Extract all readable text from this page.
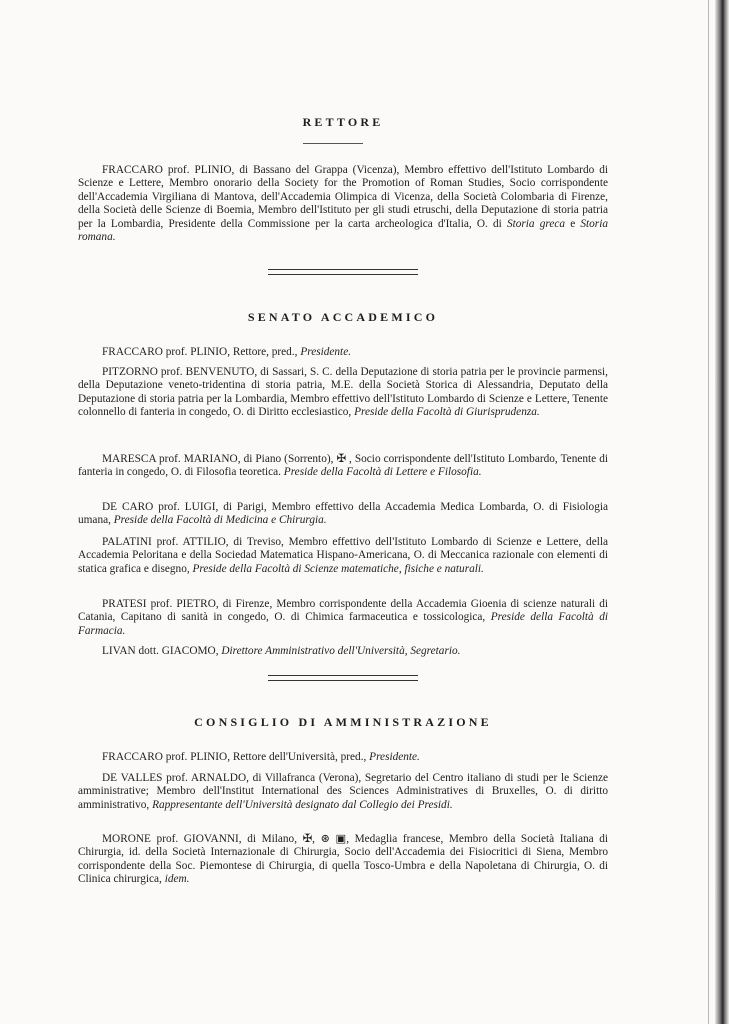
RETTORE

FRACCARO prof. PLINIO, di Bassano del Grappa (Vicenza), Membro effettivo dell'Istituto Lombardo di Scienze e Lettere, Membro onorario della Society for the Promotion of Roman Studies, Socio corrispondente dell'Accademia Virgiliana di Mantova, dell'Accademia Olimpica di Vicenza, della Società Colombaria di Firenze, della Società delle Scienze di Boemia, Membro dell'Istituto per gli studi etruschi, della Deputazione di storia patria per la Lombardia, Presidente della Commissione per la carta archeologica d'Italia, O. di Storia greca e Storia romana.

SENATO ACCADEMICO

FRACCARO prof. PLINIO, Rettore, pred., Presidente.

PITZORNO prof. BENVENUTO, di Sassari, S. C. della Deputazione di storia patria per le provincie parmensi, della Deputazione veneto-tridentina di storia patria, M.E. della Società Storica di Alessandria, Deputato della Deputazione di storia patria per la Lombardia, Membro effettivo dell'Istituto Lombardo di Scienze e Lettere, Tenente colonnello di fanteria in congedo, O. di Diritto ecclesiastico, Preside della Facoltà di Giurisprudenza.

MARESCA prof. MARIANO, di Piano (Sorrento), ✠ , Socio corrispondente dell'Istituto Lombardo, Tenente di fanteria in congedo, O. di Filosofia teoretica. Preside della Facoltà di Lettere e Filosofia.

DE CARO prof. LUIGI, di Parigi, Membro effettivo della Accademia Medica Lombarda, O. di Fisiologia umana, Preside della Facoltà di Medicina e Chirurgia.

PALATINI prof. ATTILIO, di Treviso, Membro effettivo dell'Istituto Lombardo di Scienze e Lettere, della Accademia Peloritana e della Sociedad Matematica Hispano-Americana, O. di Meccanica razionale con elementi di statica grafica e disegno, Preside della Facoltà di Scienze matematiche, fisiche e naturali.

PRATESI prof. PIETRO, di Firenze, Membro corrispondente della Accademia Gioenia di scienze naturali di Catania, Capitano di sanità in congedo, O. di Chimica farmaceutica e tossicologica, Preside della Facoltà di Farmacia.

LIVAN dott. GIACOMO, Direttore Amministrativo dell'Università, Segretario.

CONSIGLIO DI AMMINISTRAZIONE

FRACCARO prof. PLINIO, Rettore dell'Università, pred., Presidente.

DE VALLES prof. ARNALDO, di Villafranca (Verona), Segretario del Centro italiano di studi per le Scienze amministrative; Membro dell'Institut International des Sciences Administratives di Bruxelles, O. di diritto amministrativo, Rappresentante dell'Università designato dal Collegio dei Presidi.

MORONE prof. GIOVANNI, di Milano, ✠, ⊛ ▣, Medaglia francese, Membro della Società Italiana di Chirurgia, id. della Società Internazionale di Chirurgia, Socio dell'Accademia dei Fisiocritici di Siena, Membro corrispondente della Soc. Piemontese di Chirurgia, di quella Tosco-Umbra e della Napoletana di Chirurgia, O. di Clinica chirurgica, idem.
